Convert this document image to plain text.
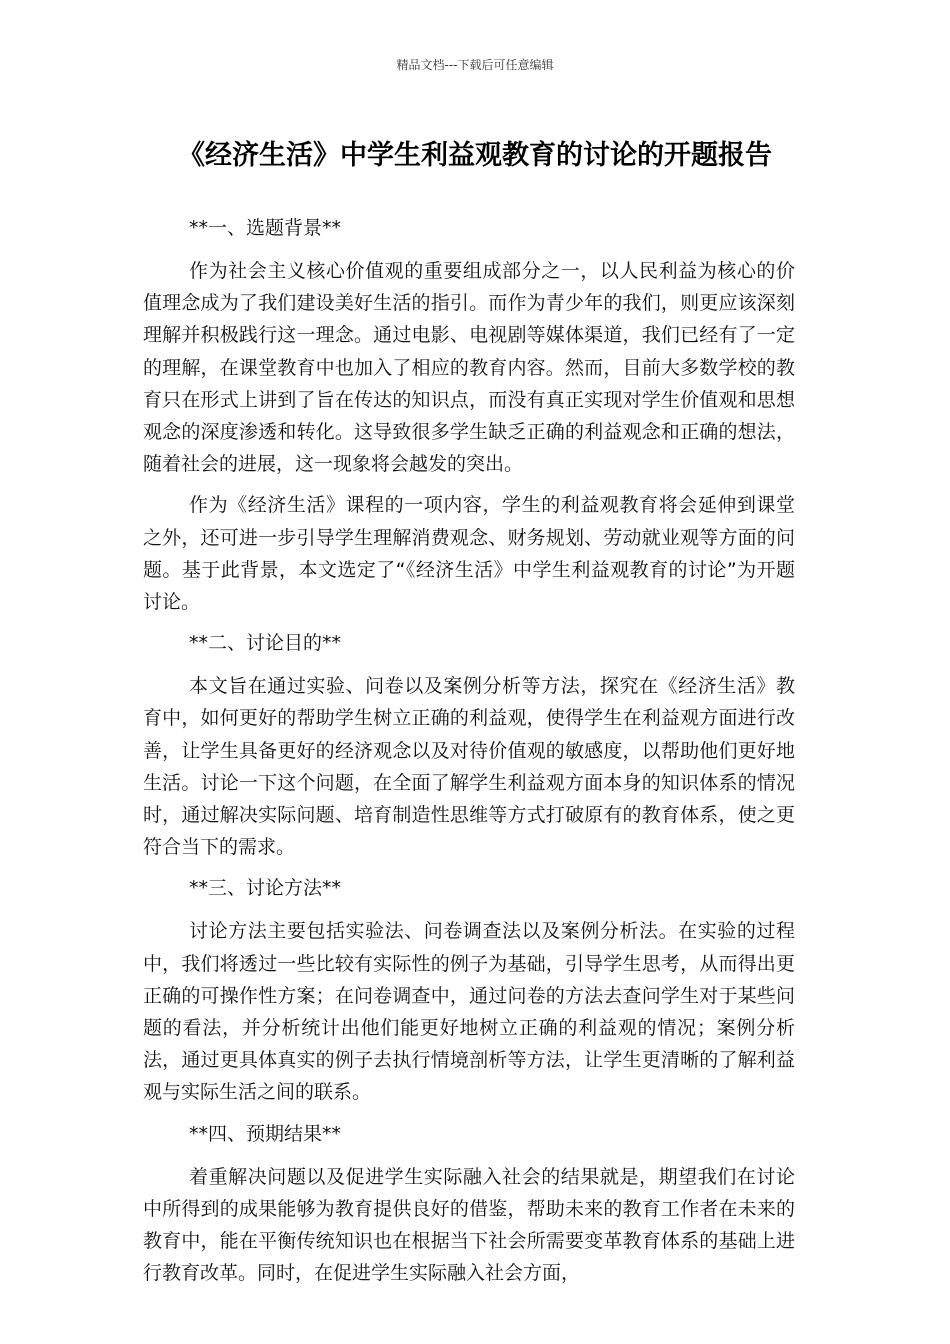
精品文档---下载后可任意编辑
《经济生活》中学生利益观教育的讨论的开题报告

**一、选题背景**

作为社会主义核心价值观的重要组成部分之一，以人民利益为核心的价值理念成为了我们建设美好生活的指引。而作为青少年的我们，则更应该深刻理解并积极践行这一理念。通过电影、电视剧等媒体渠道，我们已经有了一定的理解，在课堂教育中也加入了相应的教育内容。然而，目前大多数学校的教育只在形式上讲到了旨在传达的知识点，而没有真正实现对学生价值观和思想观念的深度渗透和转化。这导致很多学生缺乏正确的利益观念和正确的想法，随着社会的进展，这一现象将会越发的突出。

作为《经济生活》课程的一项内容，学生的利益观教育将会延伸到课堂之外，还可进一步引导学生理解消费观念、财务规划、劳动就业观等方面的问题。基于此背景，本文选定了“《经济生活》中学生利益观教育的讨论”为开题讨论。

**二、讨论目的**

本文旨在通过实验、问卷以及案例分析等方法，探究在《经济生活》教育中，如何更好的帮助学生树立正确的利益观，使得学生在利益观方面进行改善，让学生具备更好的经济观念以及对待价值观的敏感度，以帮助他们更好地生活。讨论一下这个问题，在全面了解学生利益观方面本身的知识体系的情况时，通过解决实际问题、培育制造性思维等方式打破原有的教育体系，使之更符合当下的需求。

**三、讨论方法**

讨论方法主要包括实验法、问卷调查法以及案例分析法。在实验的过程中，我们将透过一些比较有实际性的例子为基础，引导学生思考，从而得出更正确的可操作性方案；在问卷调查中，通过问卷的方法去查问学生对于某些问题的看法，并分析统计出他们能更好地树立正确的利益观的情况；案例分析法，通过更具体真实的例子去执行情境剖析等方法，让学生更清晰的了解利益观与实际生活之间的联系。

**四、预期结果**

着重解决问题以及促进学生实际融入社会的结果就是，期望我们在讨论中所得到的成果能够为教育提供良好的借鉴，帮助未来的教育工作者在未来的教育中，能在平衡传统知识也在根据当下社会所需要变革教育体系的基础上进行教育改革。同时，在促进学生实际融入社会方面，
